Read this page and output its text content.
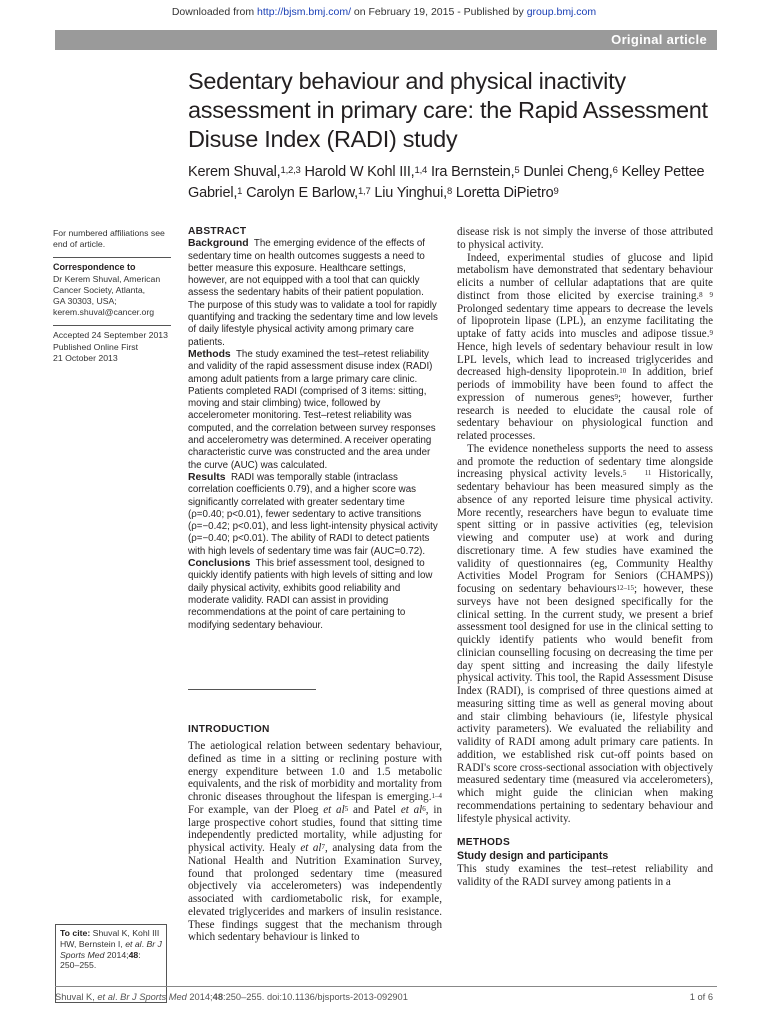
Downloaded from http://bjsm.bmj.com/ on February 19, 2015 - Published by group.bmj.com
Original article
Sedentary behaviour and physical inactivity assessment in primary care: the Rapid Assessment Disuse Index (RADI) study
Kerem Shuval,$^{1,2,3}$ Harold W Kohl III,$^{1,4}$ Ira Bernstein,$^5$ Dunlei Cheng,$^6$ Kelley Pettee Gabriel,$^1$ Carolyn E Barlow,$^{1,7}$ Liu Yinghui,$^8$ Loretta DiPietro$^9$
For numbered affiliations see end of article.
Correspondence to
Dr Kerem Shuval, American
Cancer Society, Atlanta,
GA 30303, USA;
kerem.shuval@cancer.org
Accepted 24 September 2013
Published Online First
21 October 2013
ABSTRACT

Background The emerging evidence of the effects of sedentary time on health outcomes suggests a need to better measure this exposure. Healthcare settings, however, are not equipped with a tool that can quickly assess the sedentary habits of their patient population. The purpose of this study was to validate a tool for rapidly quantifying and tracking the sedentary time and low levels of daily lifestyle physical activity among primary care patients.

Methods The study examined the test–retest reliability and validity of the rapid assessment disuse index (RADI) among adult patients from a large primary care clinic. Patients completed RADI (comprised of 3 items: sitting, moving and stair climbing) twice, followed by accelerometer monitoring. Test–retest reliability was computed, and the correlation between survey responses and accelerometry was determined. A receiver operating characteristic curve was constructed and the area under the curve (AUC) was calculated.

Results RADI was temporally stable (intraclass correlation coefficients 0.79), and a higher score was significantly correlated with greater sedentary time (ρ=0.40; p<0.01), fewer sedentary to active transitions (ρ=−0.42; p<0.01), and less light-intensity physical activity (ρ=−0.40; p<0.01). The ability of RADI to detect patients with high levels of sedentary time was fair (AUC=0.72).

Conclusions This brief assessment tool, designed to quickly identify patients with high levels of sitting and low daily physical activity, exhibits good reliability and moderate validity. RADI can assist in providing recommendations at the point of care pertaining to modifying sedentary behaviour.

INTRODUCTION

The aetiological relation between sedentary behaviour, defined as time in a sitting or reclining posture with energy expenditure between 1.0 and 1.5 metabolic equivalents, and the risk of morbidity and mortality from chronic diseases throughout the lifespan is emerging.$^{1-4}$ For example, van der Ploeg et $al^5$ and Patel et $al^6$, in large prospective cohort studies, found that sitting time independently predicted mortality, while adjusting for physical activity. Healy et $al^7$, analysing data from the National Health and Nutrition Examination Survey, found that prolonged sedentary time (measured objectively via accelerometers) was independently associated with cardiometabolic risk, for example, elevated triglycerides and markers of insulin resistance. These findings suggest that the mechanism through which sedentary behaviour is linked to

disease risk is not simply the inverse of those attributed to physical activity.

Indeed, experimental studies of glucose and lipid metabolism have demonstrated that sedentary behaviour elicits a number of cellular adaptations that are quite distinct from those elicited by exercise training.$^{8 9}$ Prolonged sedentary time appears to decrease the levels of lipoprotein lipase (LPL), an enzyme facilitating the uptake of fatty acids into muscles and adipose tissue.$^9$ Hence, high levels of sedentary behaviour result in low LPL levels, which lead to increased triglycerides and decreased high-density lipoprotein.$^{10}$ In addition, brief periods of immobility have been found to affect the expression of numerous genes$^9$; however, further research is needed to elucidate the causal role of sedentary behaviour on physiological function and related processes.

The evidence nonetheless supports the need to assess and promote the reduction of sedentary time alongside increasing physical activity levels.$^{5 11}$ Historically, sedentary behaviour has been measured simply as the absence of any reported leisure time physical activity. More recently, researchers have begun to evaluate time spent sitting or in passive activities (eg, television viewing and computer use) at work and during discretionary time. A few studies have examined the validity of questionnaires (eg, Community Healthy Activities Model Program for Seniors (CHAMPS)) focusing on sedentary behaviours$^{12-15}$; however, these surveys have not been designed specifically for the clinical setting. In the current study, we present a brief assessment tool designed for use in the clinical setting to quickly identify patients who would benefit from clinician counselling focusing on decreasing the time per day spent sitting and increasing the daily lifestyle physical activity. This tool, the Rapid Assessment Disuse Index (RADI), is comprised of three questions aimed at measuring sitting time as well as general moving about and stair climbing behaviours (ie, lifestyle physical activity parameters). We evaluated the reliability and validity of RADI among adult primary care patients. In addition, we established risk cut-off points based on RADI's score cross-sectional association with objectively measured sedentary time (measured via accelerometers), which might guide the clinician when making recommendations pertaining to sedentary behaviour and lifestyle physical activity.

METHODS
Study design and participants

This study examines the test–retest reliability and validity of the RADI survey among patients in a

To cite: Shuval K, Kohl III HW, Bernstein I, et al. Br J Sports Med 2014;48: 250–255.
Shuval K, et al. Br J Sports Med 2014;48:250–255. doi:10.1136/bjsports-2013-092901	1 of 6
